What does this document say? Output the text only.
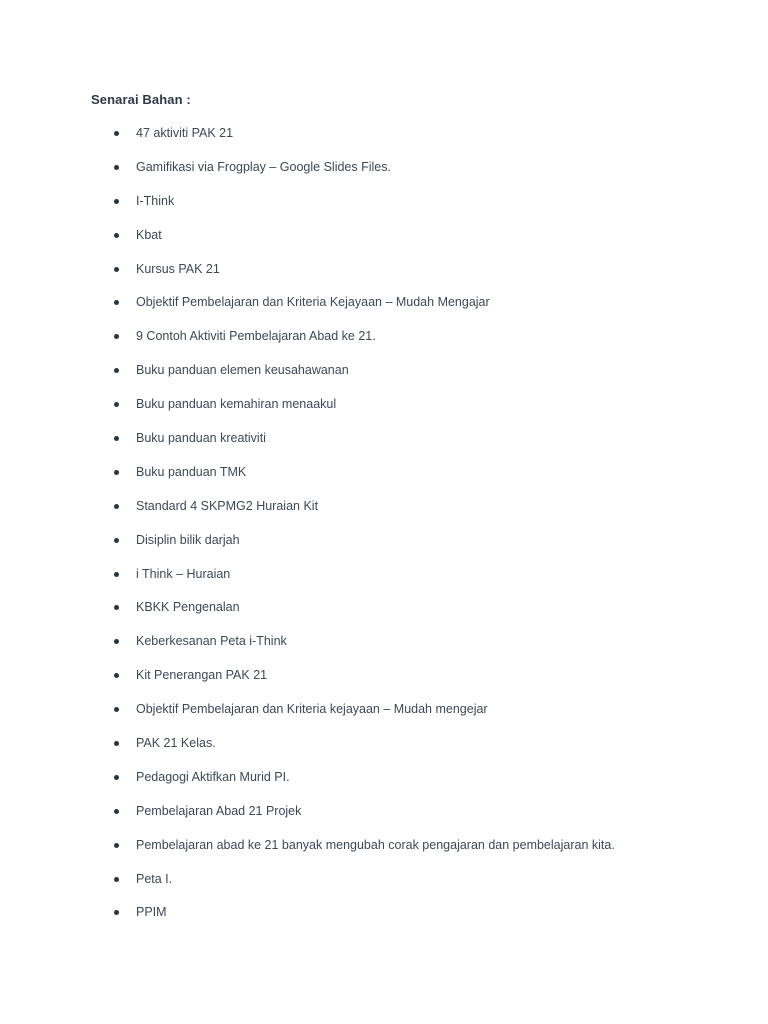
Senarai Bahan :
47 aktiviti PAK 21
Gamifikasi via Frogplay – Google Slides Files.
I-Think
Kbat
Kursus PAK 21
Objektif Pembelajaran dan Kriteria Kejayaan – Mudah Mengajar
9 Contoh Aktiviti Pembelajaran Abad ke 21.
Buku panduan elemen keusahawanan
Buku panduan kemahiran menaakul
Buku panduan kreativiti
Buku panduan TMK
Standard 4 SKPMG2 Huraian Kit
Disiplin bilik darjah
i Think – Huraian
KBKK Pengenalan
Keberkesanan Peta i-Think
Kit Penerangan PAK 21
Objektif Pembelajaran dan Kriteria kejayaan – Mudah mengejar
PAK 21 Kelas.
Pedagogi Aktifkan Murid PI.
Pembelajaran Abad 21 Projek
Pembelajaran abad ke 21 banyak mengubah corak pengajaran dan pembelajaran kita.
Peta I.
PPIM
